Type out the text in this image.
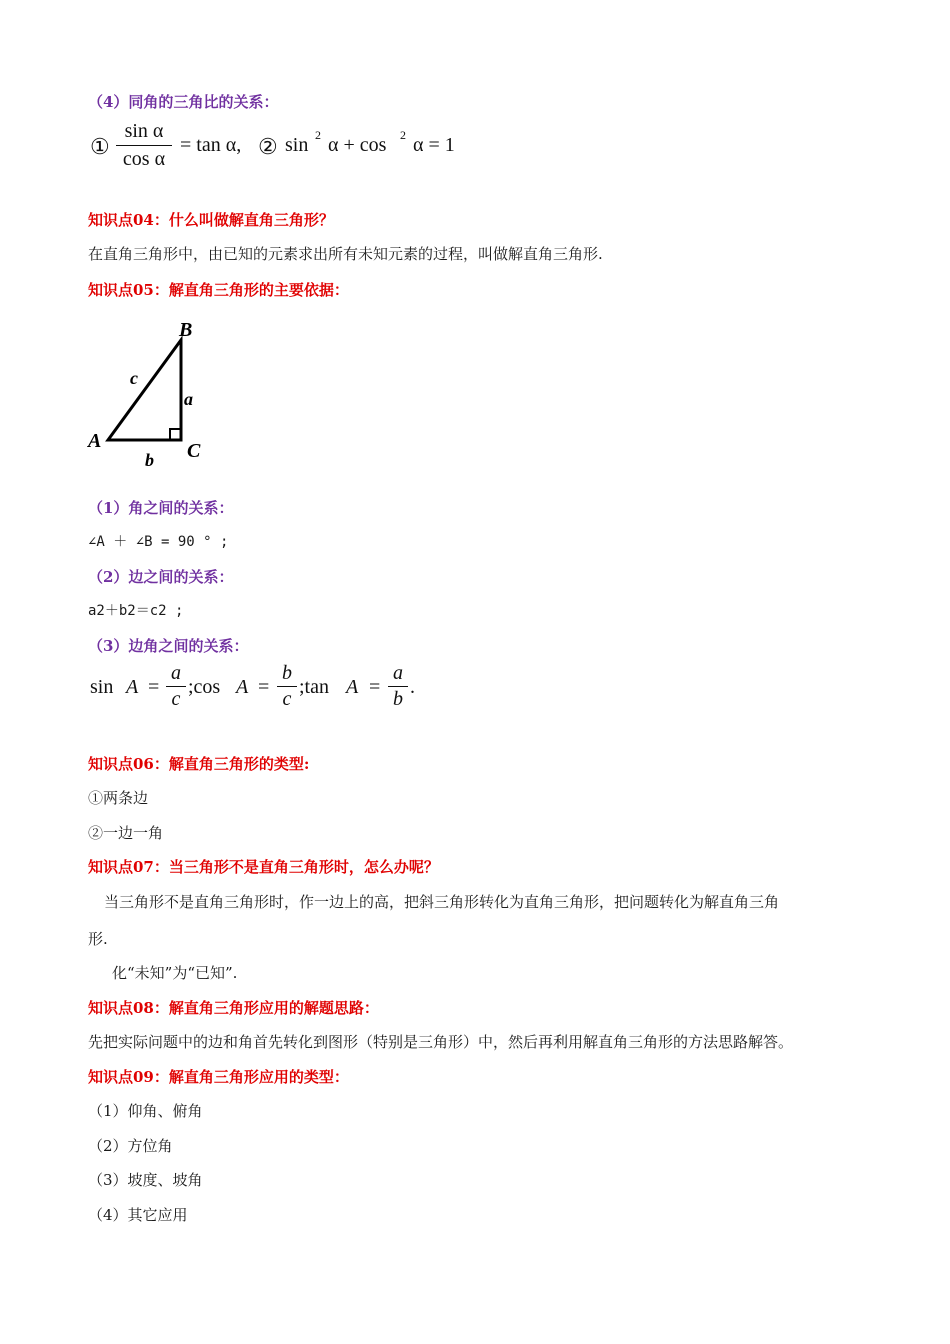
（4）同角的三角比的关系：
①
sin α
cos α
= tan α, ② sin 2 α + cos 2 α = 1
知识点04：什么叫做解直角三角形？
在直角三角形中，由已知的元素求出所有未知元素的过程，叫做解直角三角形.
知识点05：解直角三角形的主要依据：
B
A	C
a
b
c
（1）角之间的关系：
∠A ＋ ∠B = 90 ° ;
（2）边之间的关系：
a2＋b2＝c2 ;
（3）边角之间的关系：
sin A =
a
c
;cos A =
b
c
;tan A =
a
b
.
知识点06：解直角三角形的类型:
①两条边
②一边一角
知识点07：当三角形不是直角三角形时，怎么办呢？
当三角形不是直角三角形时，作一边上的高，把斜三角形转化为直角三角形，把问题转化为解直角三角
形.
化“未知”为“已知”.
知识点08：解直角三角形应用的解题思路：
先把实际问题中的边和角首先转化到图形（特别是三角形）中，然后再利用解直角三角形的方法思路解答。
知识点09：解直角三角形应用的类型：
（1）仰角、俯角
（2）方位角
（3）坡度、坡角
（4）其它应用
